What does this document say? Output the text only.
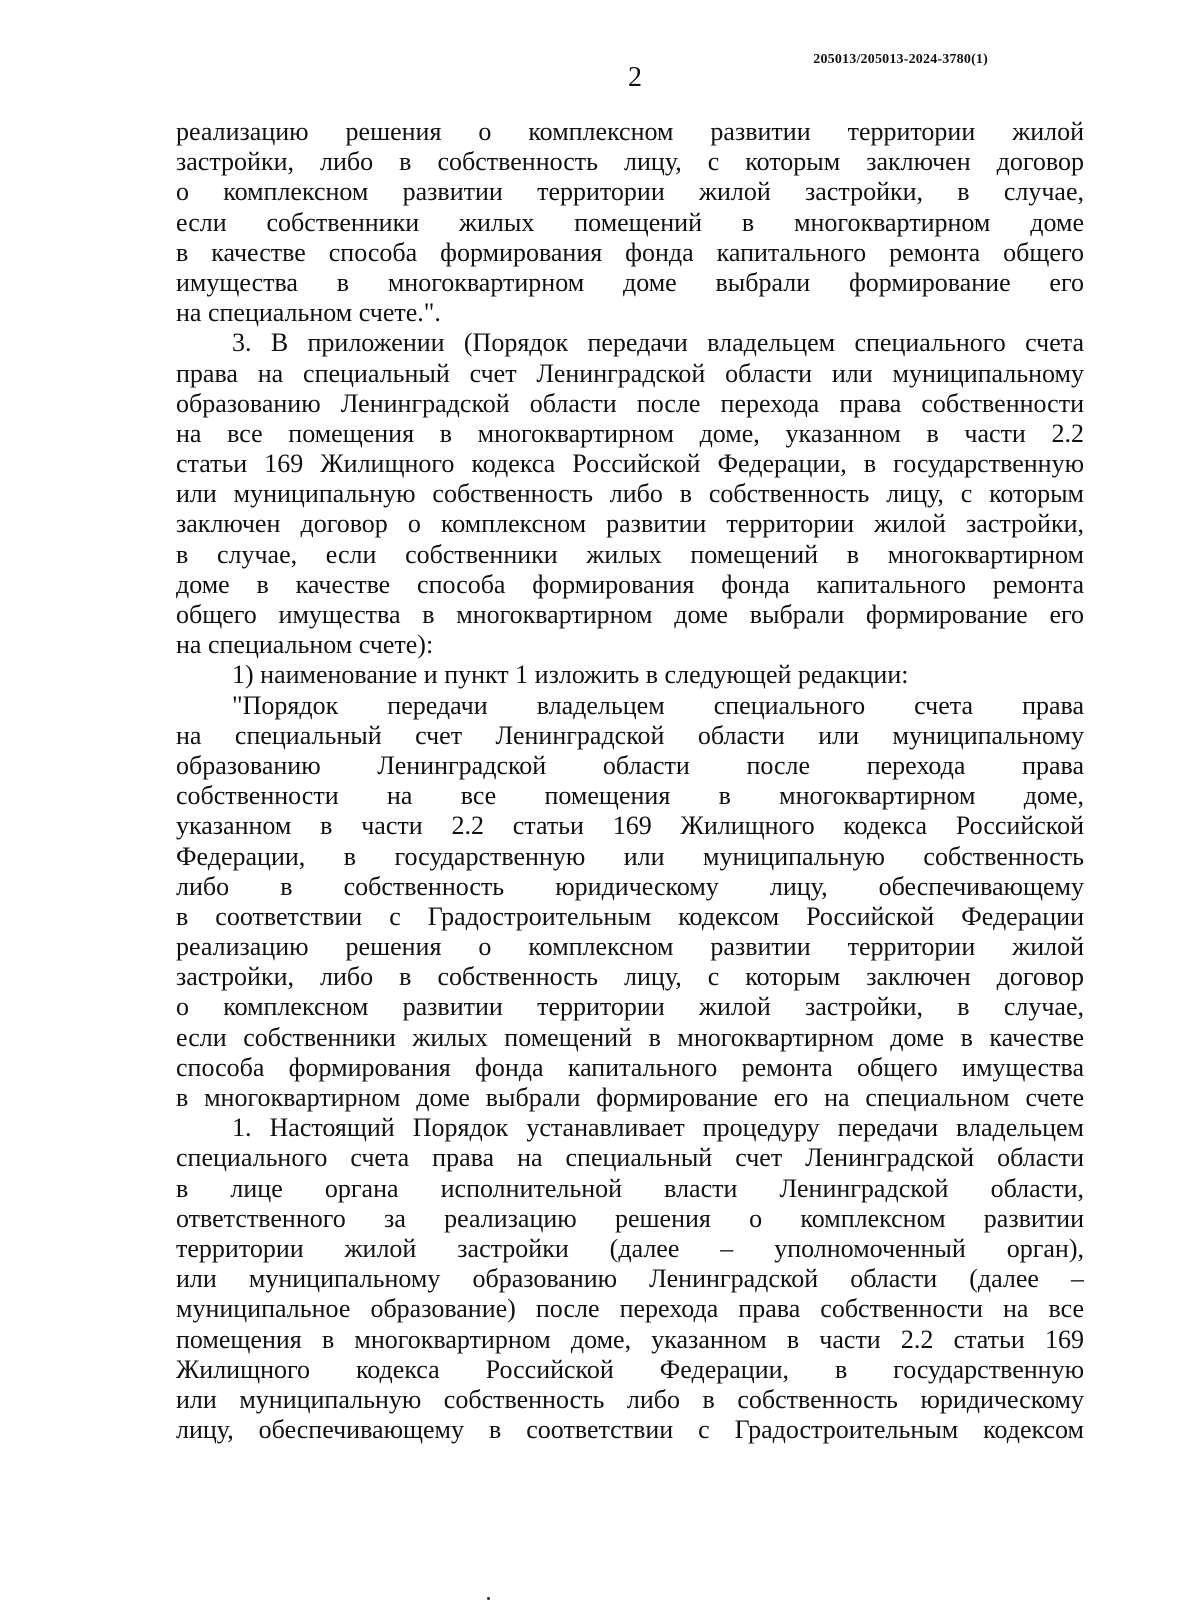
205013/205013-2024-3780(1)
2
реализацию решения о комплексном развитии территории жилой
застройки, либо в собственность лицу, с которым заключен договор
о комплексном развитии территории жилой застройки, в случае,
если собственники жилых помещений в многоквартирном доме
в качестве способа формирования фонда капитального ремонта общего
имущества в многоквартирном доме выбрали формирование его
на специальном счете.".
3. В приложении (Порядок передачи владельцем специального счета
права на специальный счет Ленинградской области или муниципальному
образованию Ленинградской области после перехода права собственности
на все помещения в многоквартирном доме, указанном в части 2.2
статьи 169 Жилищного кодекса Российской Федерации, в государственную
или муниципальную собственность либо в собственность лицу, с которым
заключен договор о комплексном развитии территории жилой застройки,
в случае, если собственники жилых помещений в многоквартирном
доме в качестве способа формирования фонда капитального ремонта
общего имущества в многоквартирном доме выбрали формирование его
на специальном счете):
1) наименование и пункт 1 изложить в следующей редакции:
"Порядок передачи владельцем специального счета права
на специальный счет Ленинградской области или муниципальному
образованию Ленинградской области после перехода права
собственности на все помещения в многоквартирном доме,
указанном в части 2.2 статьи 169 Жилищного кодекса Российской
Федерации, в государственную или муниципальную собственность
либо в собственность юридическому лицу, обеспечивающему
в соответствии с Градостроительным кодексом Российской Федерации
реализацию решения о комплексном развитии территории жилой
застройки, либо в собственность лицу, с которым заключен договор
о комплексном развитии территории жилой застройки, в случае,
если собственники жилых помещений в многоквартирном доме в качестве
способа формирования фонда капитального ремонта общего имущества
в многоквартирном доме выбрали формирование его на специальном счете
1. Настоящий Порядок устанавливает процедуру передачи владельцем
специального счета права на специальный счет Ленинградской области
в лице органа исполнительной власти Ленинградской области,
ответственного за реализацию решения о комплексном развитии
территории жилой застройки (далее – уполномоченный орган),
или муниципальному образованию Ленинградской области (далее –
муниципальное образование) после перехода права собственности на все
помещения в многоквартирном доме, указанном в части 2.2 статьи 169
Жилищного кодекса Российской Федерации, в государственную
или муниципальную собственность либо в собственность юридическому
лицу, обеспечивающему в соответствии с Градостроительным кодексом
